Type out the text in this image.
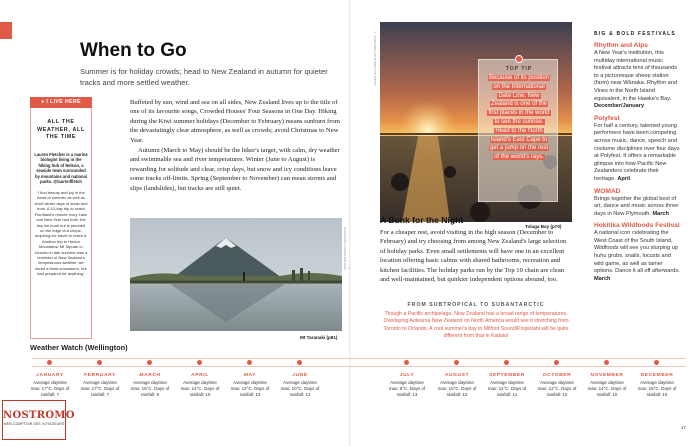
When to Go

Summer is for holiday crowds; head to New Zealand in autumn for quieter tracks and more settled weather.

● I LIVE HERE
ALL THE WEATHER, ALL THE TIME
Lauren Fletcher is a marine biologist living in the hiking hub of Nelson, a seaside town surrounded by mountains and national parks. @laurenffletch
'I find beauty and joy in the heart of summer as well as short winter days of snow and frost. A 10-day trip to reach Fiordland's remote Ivory Lake one New Year had both: the tiny ice bunk hut is perched on the edge of a cirque, requiring ice travel to reach it. Another trip to Hector Mountains/ Mt Tapuae-o-Uenuku in late summer was a reminder of New Zealand's tempestuous weather; we faced a freak snowstorm, but had prepared for anything.'

Buffeted by sun, wind and sea on all sides, New Zealand lives up to the title of one of its favourite songs, Crowded Houses' Four Seasons in One Day. Hiking during the Kiwi summer holidays (December to February) means sunburn from the devastatingly clear atmosphere, as well as crowds; avoid Christmas to New Year.

Autumn (March to May) should be the hiker's target, with calm, dry weather and swimmable sea and river temperatures. Winter (June to August) is rewarding for solitude and clear, crisp days, but snow and icy conditions leave some tracks off-limits. Spring (September to November) can mean storms and slips (landslides), but tracks are still quiet.

ZASTAVKIN/SHUTTERSTOCK ©
Mt Taranaki (p81)
LAURA HILLSON/SHUTTERSTOCK ©	TOP TIP
Because of its position on the International Date Line, New Zealand is one of the first places in the world to see the sunrise. Head to the North Island's East Cape to get a jump on the rest of the world's rays.
Tolaga Bay (p70)
A Bunk for the Night

For a cheaper rest, avoid visiting in the high season (December to February) and try choosing from among New Zealand's large selection of holiday parks. Even small settlements will have one in an excellent location offering basic cabins with shared bathrooms, recreation and kitchen facilities. The holiday parks run by the Top 10 chain are clean and well-maintained, but quirkier independent options abound, too.

FROM SUBTROPICAL TO SUBANTARCTIC
Though a Pacific archipelago, New Zealand has a broad range of temperatures. Overlaying Aotearoa New Zealand on North America would see it stretching from Toronto to Orlando. A cool summer's day in Milford Sound/Piopiotahi will be quite different from that in Kaitaia!
BIG & BOLD FESTIVALS
Rhythm and Alps
A New Year's institution, this multiday international music festival attracts tens of thousands to a picturesque sheep station (farm) near Wānaka. Rhythm and Vines in the North Island equivalent, in the Hawke's Bay. December/January
Polyfest
For half a century, talented young performers have been competing across music, dance, speech and costume disciplines over four days at Polyfest. It offers a remarkable glimpse into how Pacific New Zealanders celebrate their heritage. April
WOMAD
Brings together the global best of art, dance and music across three days in New Plymouth. March
Hokitika Wildfoods Festival
A national icon celebrating the West Coast of the South Island, Wildfoods will see you slurping up huhu grubs, snails, locusts and wild game, as well as tamer options. Dance it all off afterwards. March
Weather Watch (Wellington)
JANUARY
Average daytime
max: 17°C. Days of
rainfall: 7
FEBRUARY
Average daytime
max: 17°C. Days of
rainfall: 7
MARCH
Average daytime
max: 16°C. Days of
rainfall: 9
APRIL
Average daytime
max: 14°C. Days of
rainfall: 10
MAY
Average daytime
max: 12°C. Days of
rainfall: 13
JUNE
Average daytime
max: 10°C. Days of
rainfall: 13
JULY
Average daytime
max: 9°C. Days of
rainfall: 13
AUGUST
Average daytime
max: 10°C. Days of
rainfall: 12
SEPTEMBER
Average daytime
max: 11°C. Days of
rainfall: 11
OCTOBER
Average daytime
max: 12°C. Days of
rainfall: 12
NOVEMBER
Average daytime
max: 14°C. Days of
rainfall: 10
DECEMBER
Average daytime
max: 16°C. Days of
rainfall: 10
17
NOSTROMO
WEB-COMPTOIR DES VOYAGEURS
